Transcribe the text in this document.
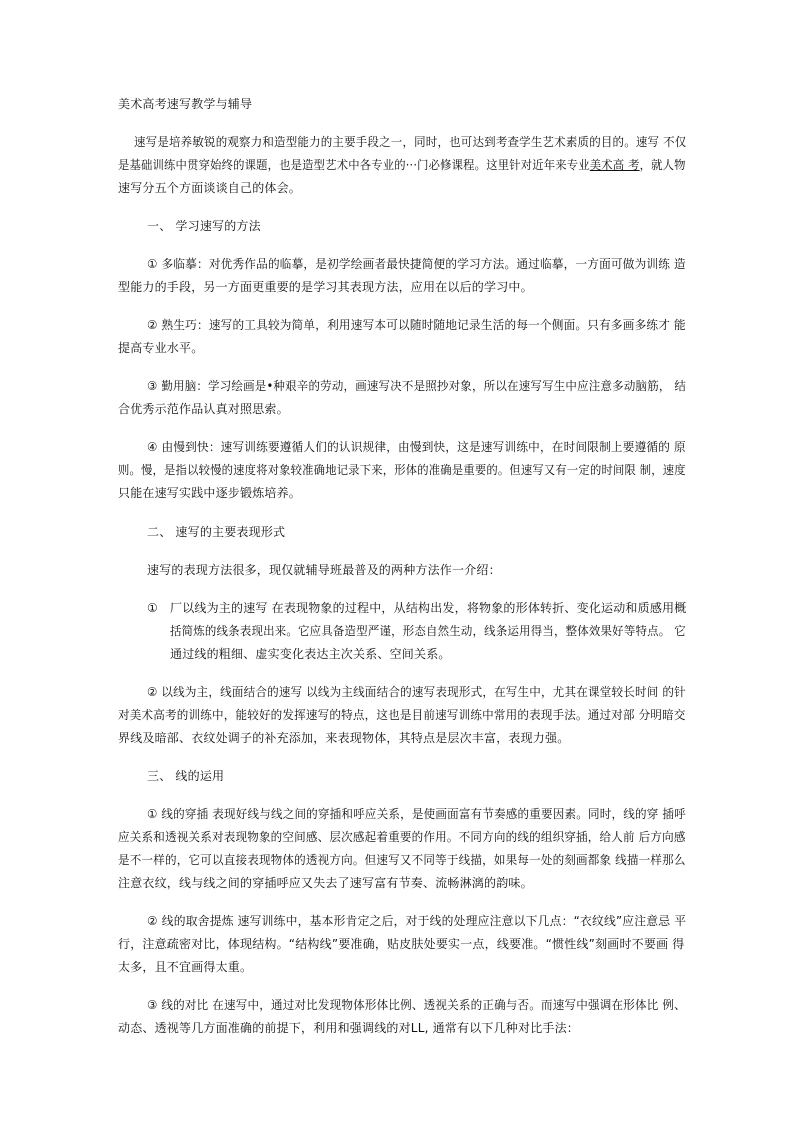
美术高考速写教学与辅导
速写是培养敏锐的观察力和造型能力的主要手段之一，同时，也可达到考查学生艺术素质的目的。速写 不仅
是基础训练中贯穿始终的课题，也是造型艺术中各专业的···门必修课程。这里针对近年来专业美术高 考，就人物
速写分五个方面谈谈自己的体会。
一、 学习速写的方法
① 多临摹：对优秀作品的临摹，是初学绘画者最快捷简便的学习方法。通过临摹，一方面可做为训练 造
型能力的手段，另一方面更重要的是学习其表现方法，应用在以后的学习中。
② 熟生巧：速写的工具较为简单，利用速写本可以随时随地记录生活的每一个侧面。只有多画多练才 能
提高专业水平。
③ 勤用脑：学习绘画是•种艰辛的劳动，画速写决不是照抄对象，所以在速写写生中应注意多动脑筋， 结
合优秀示范作品认真对照思索。
④ 由慢到快：速写训练要遵循人们的认识规律，由慢到快，这是速写训练中，在时间限制上要遵循的 原
则。慢，是指以较慢的速度将对象较准确地记录下来，形体的准确是重要的。但速写又有一定的时间限 制，速度
只能在速写实践中逐步锻炼培养。
二、 速写的主要表现形式
速写的表现方法很多，现仅就辅导班最普及的两种方法作一介绍：
① 厂以线为主的速写 在表现物象的过程中，从结构出发，将物象的形体转折、变化运动和质感用概
括简炼的线条表现出来。它应具备造型严谨，形态自然生动，线条运用得当，整体效果好等特点。 它
通过线的粗细、虚实变化表达主次关系、空间关系。
② 以线为主，线面结合的速写 以线为主线面结合的速写表现形式，在写生中，尤其在课堂较长时间 的针
对美术高考的训练中，能较好的发挥速写的特点，这也是目前速写训练中常用的表现手法。通过对部 分明暗交
界线及暗部、衣纹处调子的补充添加，来表现物体，其特点是层次丰富，表现力强。
三、 线的运用
① 线的穿插 表现好线与线之间的穿插和呼应关系，是使画面富有节奏感的重要因素。同时，线的穿 插呼
应关系和透视关系对表现物象的空间感、层次感起着重要的作用。不同方向的线的组织穿插，给人前 后方向感
是不一样的，它可以直接表现物体的透视方向。但速写又不同等于线描，如果每一处的刻画都象 线描一样那么
注意衣纹，线与线之间的穿插呼应又失去了速写富有节奏、流畅淋漓的韵味。
② 线的取舍提炼 速写训练中，基本形肯定之后，对于线的处理应注意以下几点：“衣纹线”应注意忌 平
行，注意疏密对比，体现结构。“结构线”要准确，贴皮肤处要实一点，线要准。“惯性线”刻画时不要画 得
太多，且不宜画得太重。
③ 线的对比 在速写中，通过对比发现物体形体比例、透视关系的正确与否。而速写中强调在形体比 例、
动态、透视等几方面准确的前提下，利用和强调线的对LL, 通常有以下几种对比手法：
